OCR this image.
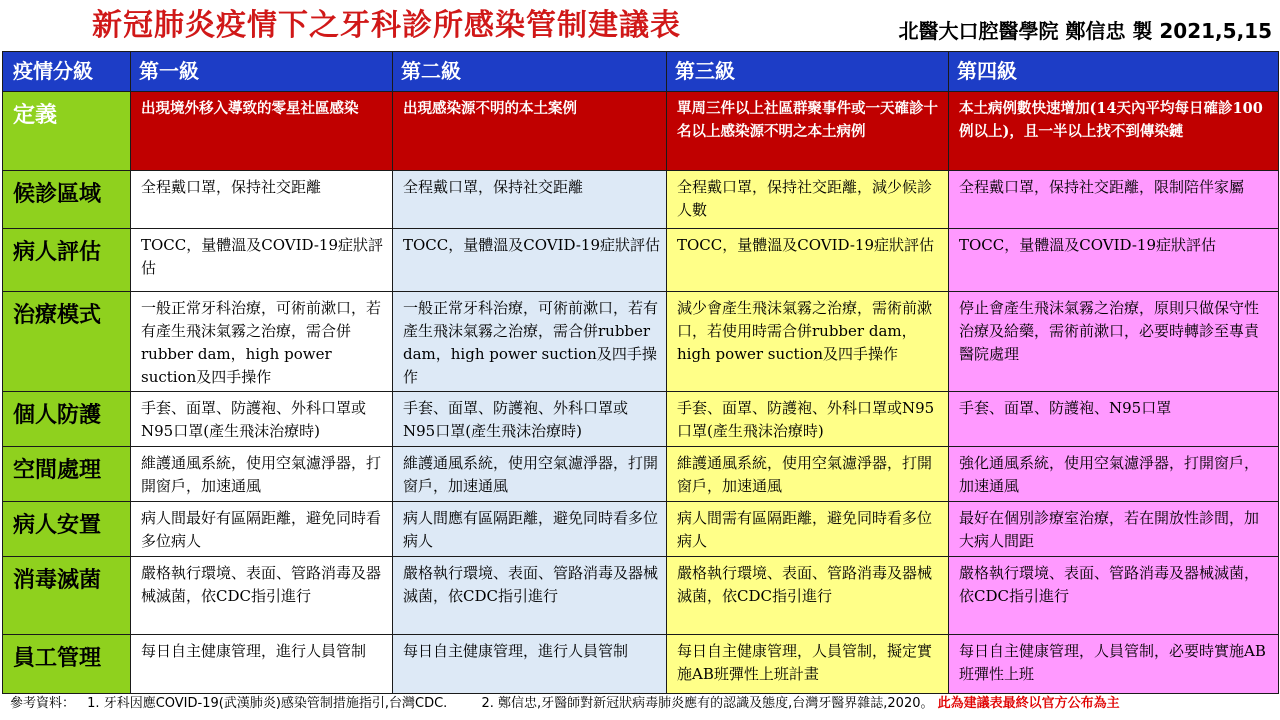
新冠肺炎疫情下之牙科診所感染管制建議表	北醫大口腔醫學院 鄭信忠 製 2021,5,15
疫情分級	第一級	第二級	第三級	第四級
定義	出現境外移入導致的零星社區感染	出現感染源不明的本土案例	單周三件以上社區群聚事件或一天確診十名以上感染源不明之本土病例	本土病例數快速增加(14天內平均每日確診100例以上)，且一半以上找不到傳染鏈
候診區域	全程戴口罩，保持社交距離	全程戴口罩，保持社交距離	全程戴口罩，保持社交距離，減少候診人數	全程戴口罩，保持社交距離，限制陪伴家屬
病人評估	TOCC，量體溫及COVID-19症狀評估	TOCC，量體溫及COVID-19症狀評估	TOCC，量體溫及COVID-19症狀評估	TOCC，量體溫及COVID-19症狀評估
治療模式	一般正常牙科治療，可術前漱口，若有產生飛沫氣霧之治療，需合併rubber dam，high power suction及四手操作	一般正常牙科治療，可術前漱口，若有產生飛沫氣霧之治療，需合併rubber dam，high power suction及四手操作	減少會產生飛沫氣霧之治療，需術前漱口，若使用時需合併rubber dam，high power suction及四手操作	停止會產生飛沫氣霧之治療，原則只做保守性治療及給藥，需術前漱口，必要時轉診至專責醫院處理
個人防護	手套、面罩、防護袍、外科口罩或N95口罩(產生飛沫治療時)	手套、面罩、防護袍、外科口罩或N95口罩(產生飛沫治療時)	手套、面罩、防護袍、外科口罩或N95口罩(產生飛沫治療時)	手套、面罩、防護袍、N95口罩
空間處理	維護通風系統，使用空氣濾淨器，打開窗戶，加速通風	維護通風系統，使用空氣濾淨器，打開窗戶，加速通風	維護通風系統，使用空氣濾淨器，打開窗戶，加速通風	強化通風系統，使用空氣濾淨器，打開窗戶，加速通風
病人安置	病人間最好有區隔距離，避免同時看多位病人	病人間應有區隔距離，避免同時看多位病人	病人間需有區隔距離，避免同時看多位病人	最好在個別診療室治療，若在開放性診間，加大病人間距
消毒滅菌	嚴格執行環境、表面、管路消毒及器械滅菌，依CDC指引進行	嚴格執行環境、表面、管路消毒及器械滅菌，依CDC指引進行	嚴格執行環境、表面、管路消毒及器械滅菌，依CDC指引進行	嚴格執行環境、表面、管路消毒及器械滅菌，依CDC指引進行
員工管理	每日自主健康管理，進行人員管制	每日自主健康管理，進行人員管制	每日自主健康管理，人員管制，擬定實施AB班彈性上班計畫	每日自主健康管理，人員管制，必要時實施AB班彈性上班
參考資料： 1. 牙科因應COVID-19(武漢肺炎)感染管制措施指引,台灣CDC.	2. 鄭信忠,牙醫師對新冠狀病毒肺炎應有的認識及態度,台灣牙醫界雜誌,2020。 此為建議表最終以官方公布為主
